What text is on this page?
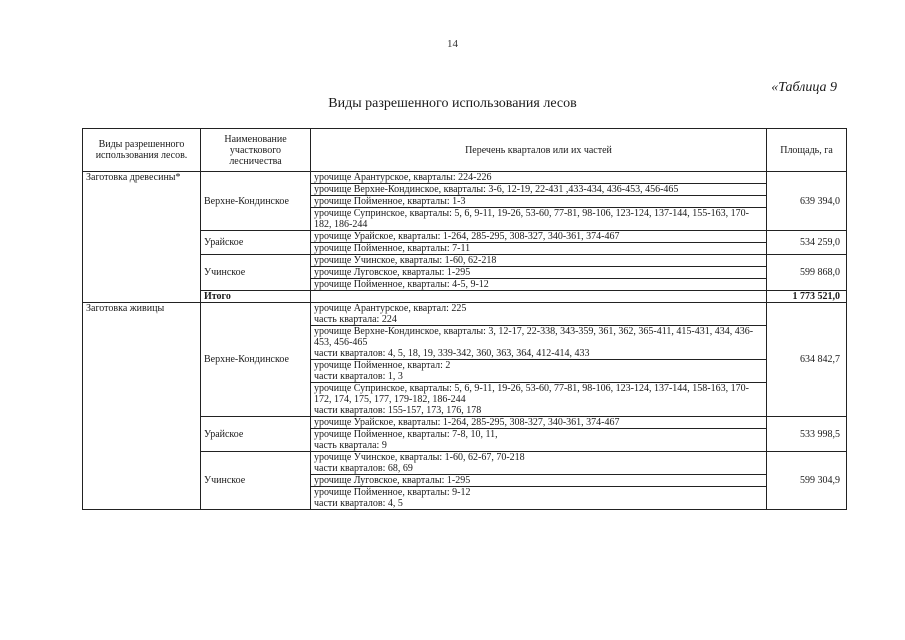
14
«Таблица 9
Виды разрешенного использования лесов
Виды разрешенного использования лесов.	Наименование участкового лесничества	Перечень кварталов или их частей	Площадь, га
Заготовка древесины*	Верхне-Кондинское	урочище Арантурское, кварталы: 224-226	639 394,0
		урочище Верхне-Кондинское, кварталы: 3-6, 12-19, 22-431 ,433-434, 436-453, 456-465	
		урочище Пойменное, кварталы: 1-3	
		урочище Супринское, кварталы: 5, 6, 9-11, 19-26, 53-60, 77-81, 98-106, 123-124, 137-144, 155-163, 170-182, 186-244	
	Урайское	урочище Урайское, кварталы: 1-264, 285-295, 308-327, 340-361, 374-467	534 259,0
		урочище Пойменное, кварталы: 7-11	
	Учинское	урочище Учинское, кварталы: 1-60, 62-218	599 868,0
		урочище Луговское, кварталы: 1-295	
		урочище Пойменное, кварталы: 4-5, 9-12	
	Итого		1 773 521,0
Заготовка живицы	Верхне-Кондинское	урочище Арантурское, квартал: 225
часть квартала: 224	634 842,7

		урочище Верхне-Кондинское, кварталы: 3, 12-17, 22-338, 343-359, 361, 362, 365-411, 415-431, 434, 436-453, 456-465
части кварталов: 4, 5, 18, 19, 339-342, 360, 363, 364, 412-414, 433	

		урочище Пойменное, квартал: 2
части кварталов: 1, 3	

		урочище Супринское, кварталы: 5, 6, 9-11, 19-26, 53-60, 77-81, 98-106, 123-124, 137-144, 158-163, 170-172, 174, 175, 177, 179-182, 186-244
части кварталов: 155-157, 173, 176, 178	

	Урайское	урочище Урайское, кварталы: 1-264, 285-295, 308-327, 340-361, 374-467	533 998,5

		урочище Пойменное, кварталы: 7-8, 10, 11,
часть квартала: 9	

	Учинское	урочище Учинское, кварталы: 1-60, 62-67, 70-218
части кварталов: 68, 69	599 304,9

		урочище Луговское, кварталы: 1-295	

		урочище Пойменное, кварталы: 9-12
части кварталов: 4, 5	
